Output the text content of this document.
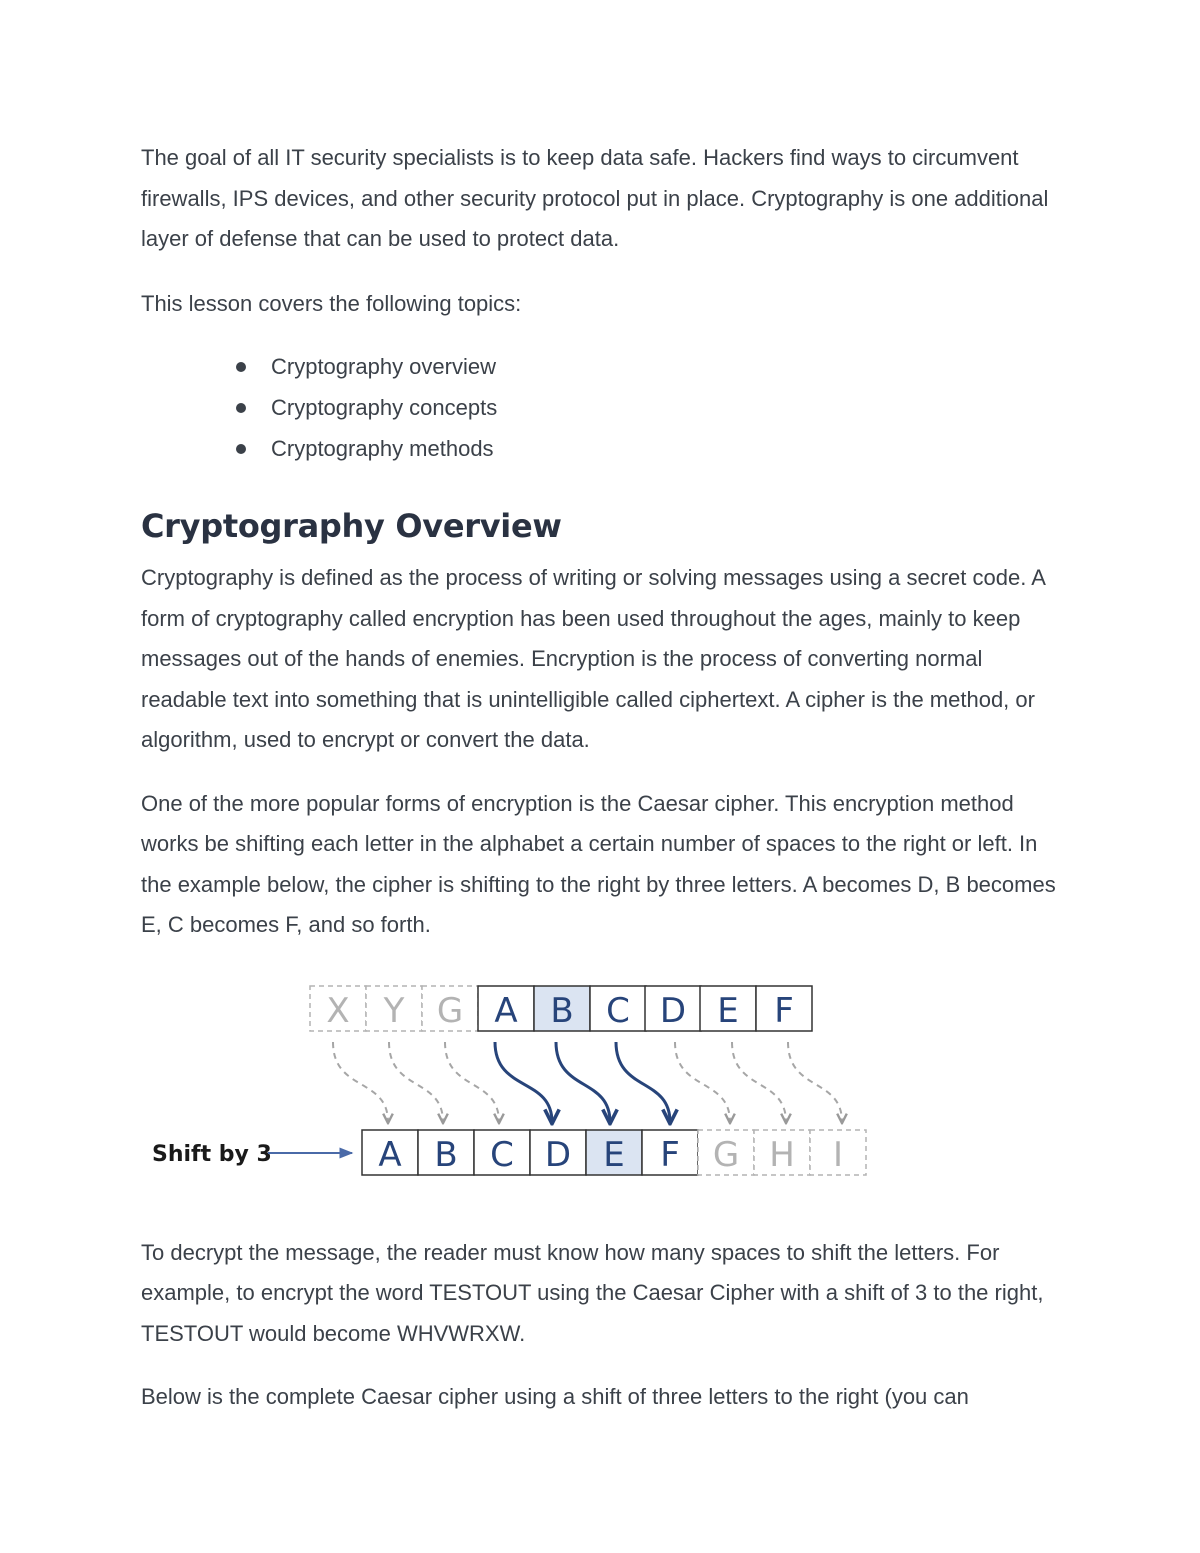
The goal of all IT security specialists is to keep data safe. Hackers find ways to circumvent firewalls, IPS devices, and other security protocol put in place. Cryptography is one additional layer of defense that can be used to protect data.

This lesson covers the following topics:

Cryptography overview
Cryptography concepts
Cryptography methods
Cryptography Overview

Cryptography is defined as the process of writing or solving messages using a secret code. A form of cryptography called encryption has been used throughout the ages, mainly to keep messages out of the hands of enemies. Encryption is the process of converting normal readable text into something that is unintelligible called ciphertext. A cipher is the method, or algorithm, used to encrypt or convert the data.

One of the more popular forms of encryption is the Caesar cipher. This encryption method works be shifting each letter in the alphabet a certain number of spaces to the right or left. In the example below, the cipher is shifting to the right by three letters. A becomes D, B becomes E, C becomes F, and so forth.

X Y G A B C D E F
A B C D E F G H I
Shift by 3

To decrypt the message, the reader must know how many spaces to shift the letters. For example, to encrypt the word TESTOUT using the Caesar Cipher with a shift of 3 to the right, TESTOUT would become WHVWRXW.

Below is the complete Caesar cipher using a shift of three letters to the right (you can
